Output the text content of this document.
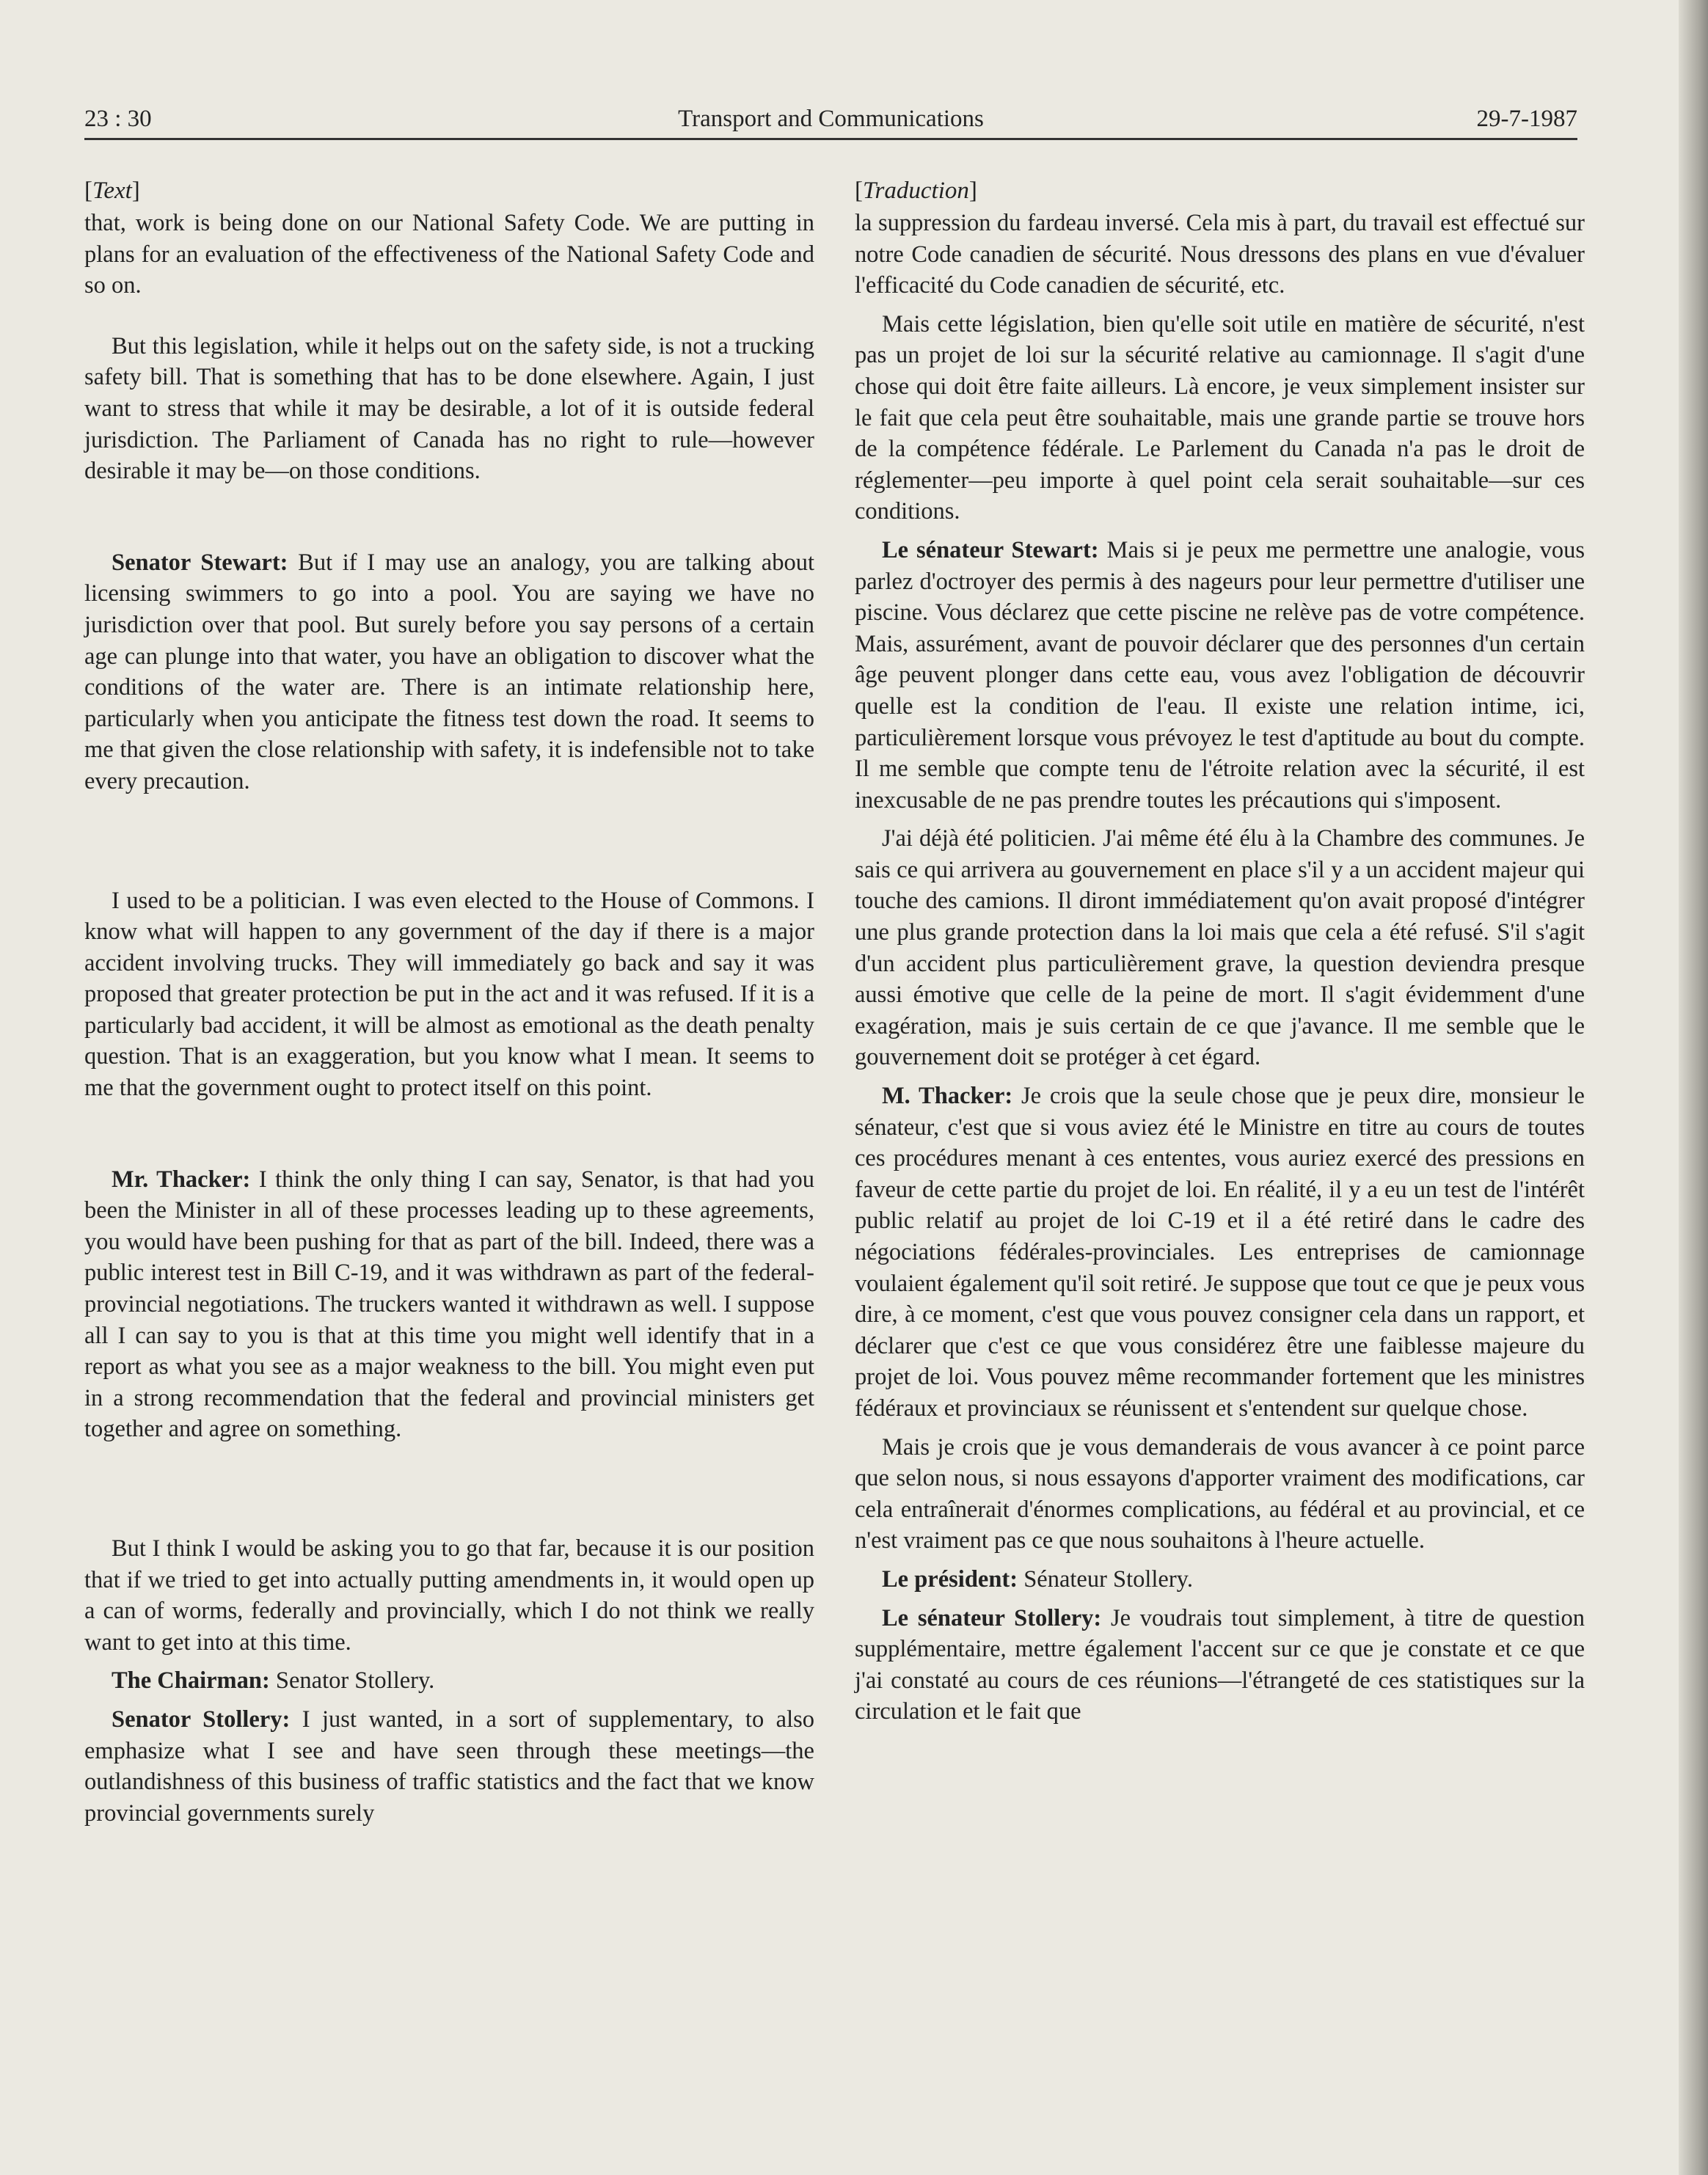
23 : 30	Transport and Communications	29-7-1987
[Text]

that, work is being done on our National Safety Code. We are putting in plans for an evaluation of the effectiveness of the National Safety Code and so on.

But this legislation, while it helps out on the safety side, is not a trucking safety bill. That is something that has to be done elsewhere. Again, I just want to stress that while it may be desirable, a lot of it is outside federal jurisdiction. The Parliament of Canada has no right to rule—however desirable it may be—on those conditions.

Senator Stewart: But if I may use an analogy, you are talking about licensing swimmers to go into a pool. You are saying we have no jurisdiction over that pool. But surely before you say persons of a certain age can plunge into that water, you have an obligation to discover what the conditions of the water are. There is an intimate relationship here, particularly when you anticipate the fitness test down the road. It seems to me that given the close relationship with safety, it is indefensible not to take every precaution.

I used to be a politician. I was even elected to the House of Commons. I know what will happen to any government of the day if there is a major accident involving trucks. They will immediately go back and say it was proposed that greater protection be put in the act and it was refused. If it is a particularly bad accident, it will be almost as emotional as the death penalty question. That is an exaggeration, but you know what I mean. It seems to me that the government ought to protect itself on this point.

Mr. Thacker: I think the only thing I can say, Senator, is that had you been the Minister in all of these processes leading up to these agreements, you would have been pushing for that as part of the bill. Indeed, there was a public interest test in Bill C-19, and it was withdrawn as part of the federal-provincial negotiations. The truckers wanted it withdrawn as well. I suppose all I can say to you is that at this time you might well identify that in a report as what you see as a major weakness to the bill. You might even put in a strong recommendation that the federal and provincial ministers get together and agree on something.

But I think I would be asking you to go that far, because it is our position that if we tried to get into actually putting amendments in, it would open up a can of worms, federally and provincially, which I do not think we really want to get into at this time.

The Chairman: Senator Stollery.

Senator Stollery: I just wanted, in a sort of supplementary, to also emphasize what I see and have seen through these meetings—the outlandishness of this business of traffic statistics and the fact that we know provincial governments surely

[Traduction]

la suppression du fardeau inversé. Cela mis à part, du travail est effectué sur notre Code canadien de sécurité. Nous dressons des plans en vue d'évaluer l'efficacité du Code canadien de sécurité, etc.

Mais cette législation, bien qu'elle soit utile en matière de sécurité, n'est pas un projet de loi sur la sécurité relative au camionnage. Il s'agit d'une chose qui doit être faite ailleurs. Là encore, je veux simplement insister sur le fait que cela peut être souhaitable, mais une grande partie se trouve hors de la compétence fédérale. Le Parlement du Canada n'a pas le droit de réglementer—peu importe à quel point cela serait souhaitable—sur ces conditions.

Le sénateur Stewart: Mais si je peux me permettre une analogie, vous parlez d'octroyer des permis à des nageurs pour leur permettre d'utiliser une piscine. Vous déclarez que cette piscine ne relève pas de votre compétence. Mais, assurément, avant de pouvoir déclarer que des personnes d'un certain âge peuvent plonger dans cette eau, vous avez l'obligation de découvrir quelle est la condition de l'eau. Il existe une relation intime, ici, particulièrement lorsque vous prévoyez le test d'aptitude au bout du compte. Il me semble que compte tenu de l'étroite relation avec la sécurité, il est inexcusable de ne pas prendre toutes les précautions qui s'imposent.

J'ai déjà été politicien. J'ai même été élu à la Chambre des communes. Je sais ce qui arrivera au gouvernement en place s'il y a un accident majeur qui touche des camions. Il diront immédiatement qu'on avait proposé d'intégrer une plus grande protection dans la loi mais que cela a été refusé. S'il s'agit d'un accident plus particulièrement grave, la question deviendra presque aussi émotive que celle de la peine de mort. Il s'agit évidemment d'une exagération, mais je suis certain de ce que j'avance. Il me semble que le gouvernement doit se protéger à cet égard.

M. Thacker: Je crois que la seule chose que je peux dire, monsieur le sénateur, c'est que si vous aviez été le Ministre en titre au cours de toutes ces procédures menant à ces ententes, vous auriez exercé des pressions en faveur de cette partie du projet de loi. En réalité, il y a eu un test de l'intérêt public relatif au projet de loi C-19 et il a été retiré dans le cadre des négociations fédérales-provinciales. Les entreprises de camionnage voulaient également qu'il soit retiré. Je suppose que tout ce que je peux vous dire, à ce moment, c'est que vous pouvez consigner cela dans un rapport, et déclarer que c'est ce que vous considérez être une faiblesse majeure du projet de loi. Vous pouvez même recommander fortement que les ministres fédéraux et provinciaux se réunissent et s'entendent sur quelque chose.

Mais je crois que je vous demanderais de vous avancer à ce point parce que selon nous, si nous essayons d'apporter vraiment des modifications, car cela entraînerait d'énormes complications, au fédéral et au provincial, et ce n'est vraiment pas ce que nous souhaitons à l'heure actuelle.

Le président: Sénateur Stollery.

Le sénateur Stollery: Je voudrais tout simplement, à titre de question supplémentaire, mettre également l'accent sur ce que je constate et ce que j'ai constaté au cours de ces réunions—l'étrangeté de ces statistiques sur la circulation et le fait que
